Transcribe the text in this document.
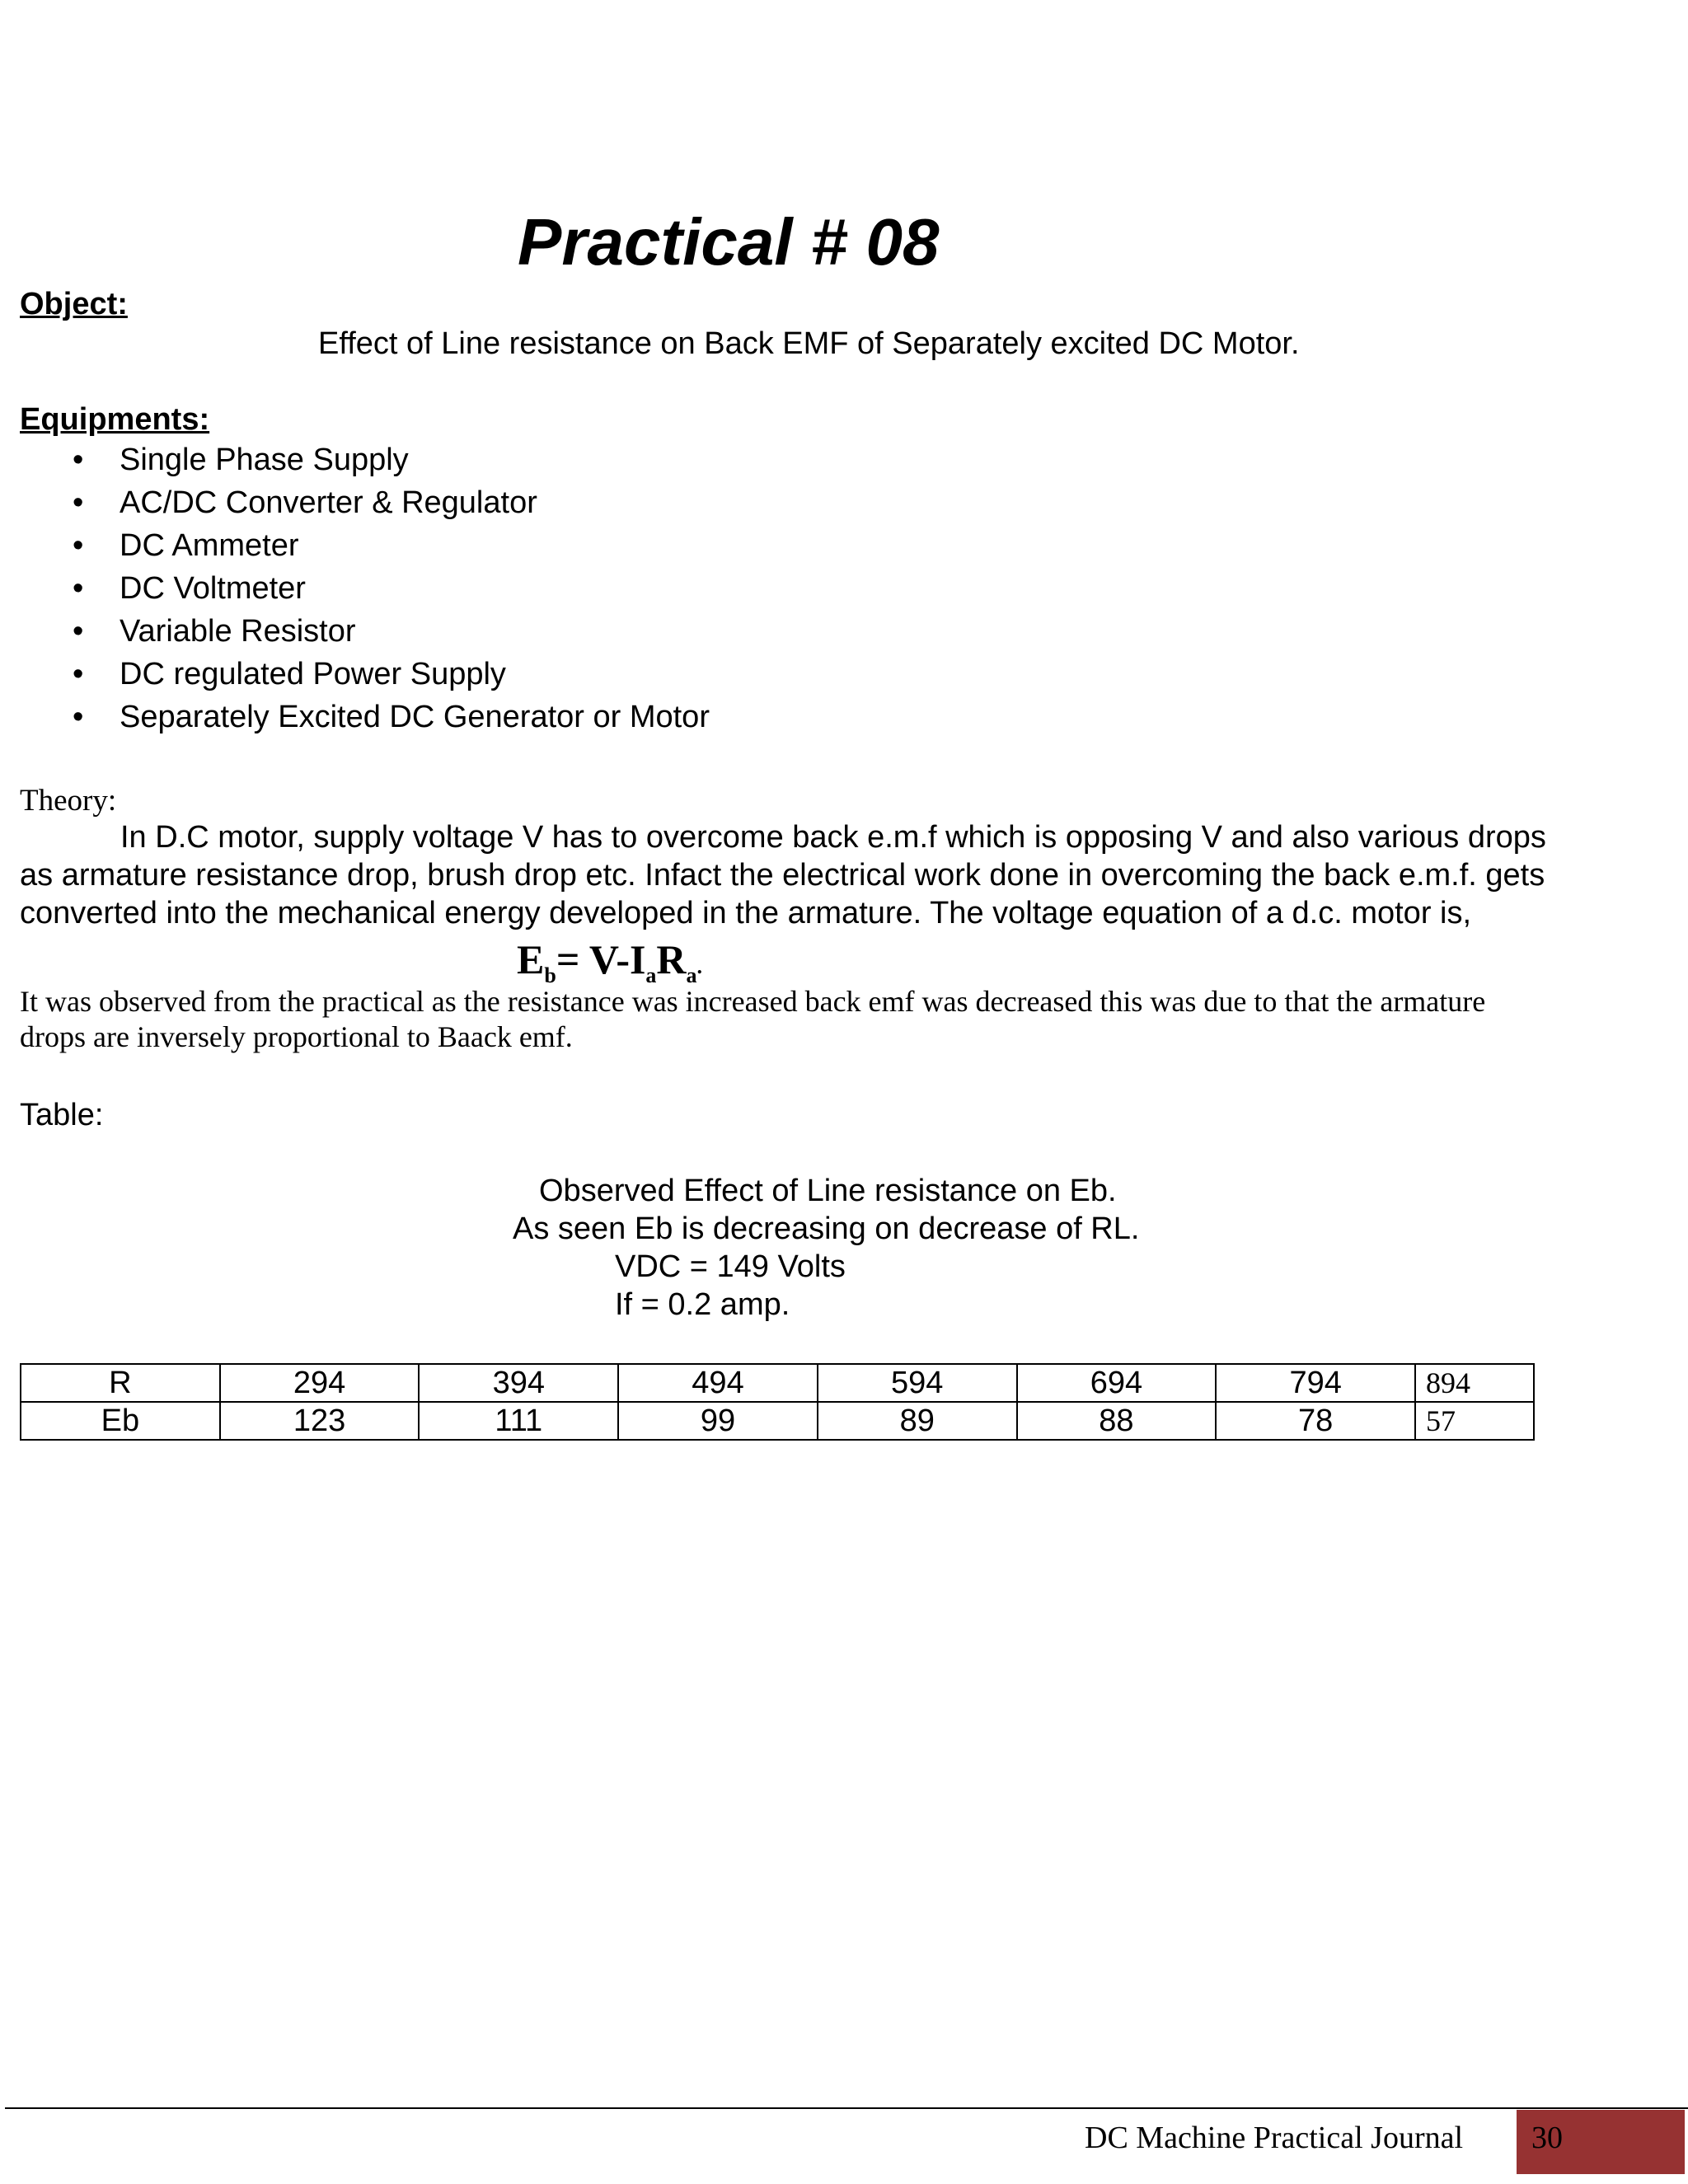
Practical # 08
Object:
Effect of Line resistance on Back EMF of Separately excited DC Motor.
Equipments:
• Single Phase Supply
• AC/DC Converter & Regulator
• DC Ammeter
• DC Voltmeter
• Variable Resistor
• DC regulated Power Supply
• Separately Excited DC Generator or Motor
Theory:

In D.C motor, supply voltage V has to overcome back e.m.f which is opposing V and also various drops

as armature resistance drop, brush drop etc. Infact the electrical work done in overcoming the back e.m.f. gets

converted into the mechanical energy developed in the armature. The voltage equation of a d.c. motor is,

$E_b= V-I_aR_a$.

It was observed from the practical as the resistance was increased back emf was decreased this was due to that the armature

drops are inversely proportional to Baack emf.

Table:
Observed Effect of Line resistance on Eb.
As seen Eb is decreasing on decrease of RL.
VDC = 149 Volts
If = 0.2 amp.
R	294	394	494	594	694	794	894
Eb	123	111	99	89	88	78	57
DC Machine Practical Journal 30
